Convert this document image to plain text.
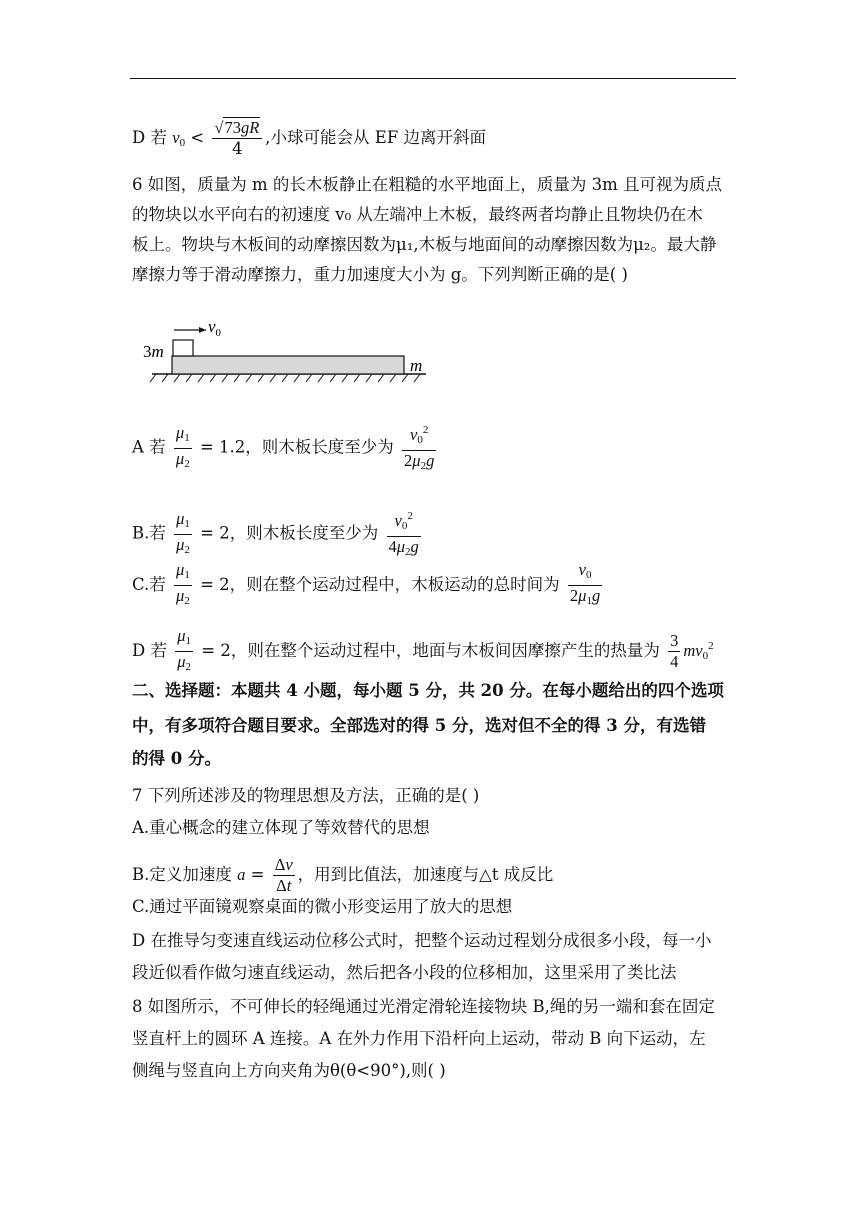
D 若 $v_0 < \frac{√73gR}{4}$ ,小球可能会从 EF 边离开斜面
6 如图，质量为 m 的长木板静止在粗糙的水平地面上，质量为 3m 且可视为质点
的物块以水平向右的初速度 v₀ 从左端冲上木板，最终两者均静止且物块仍在木
板上。物块与木板间的动摩擦因数为μ₁,木板与地面间的动摩擦因数为μ₂。最大静
摩擦力等于滑动摩擦力，重力加速度大小为 g。下列判断正确的是( )
$v_0$
3m
m
A 若 $\frac{\mu_1}{\mu_2} = 1.2$，则木板长度至少为 $\frac{v_0^2}{2\mu_2g}$
B.若 $\frac{\mu_1}{\mu_2} = 2$，则木板长度至少为 $\frac{v_0^2}{4\mu_2g}$
C.若 $\frac{\mu_1}{\mu_2} = 2$，则在整个运动过程中，木板运动的总时间为 $\frac{v_0}{2\mu_1g}$
D 若 $\frac{\mu_1}{\mu_2} = 2$，则在整个运动过程中，地面与木板间因摩擦产生的热量为 $\frac{3}{4} mv_0^2$
二、选择题：本题共 4 小题，每小题 5 分，共 20 分。在每小题给出的四个选项
中，有多项符合题目要求。全部选对的得 5 分，选对但不全的得 3 分，有选错
的得 0 分。
7 下列所述涉及的物理思想及方法，正确的是( )
A.重心概念的建立体现了等效替代的思想
B.定义加速度 $a = \frac{\Delta v}{\Delta t}$ ，用到比值法，加速度与△t 成反比
C.通过平面镜观察桌面的微小形变运用了放大的思想
D 在推导匀变速直线运动位移公式时，把整个运动过程划分成很多小段，每一小
段近似看作做匀速直线运动，然后把各小段的位移相加，这里采用了类比法
8 如图所示，不可伸长的轻绳通过光滑定滑轮连接物块 B,绳的另一端和套在固定
竖直杆上的圆环 A 连接。A 在外力作用下沿杆向上运动，带动 B 向下运动，左
侧绳与竖直向上方向夹角为θ(θ<90°),则( )
